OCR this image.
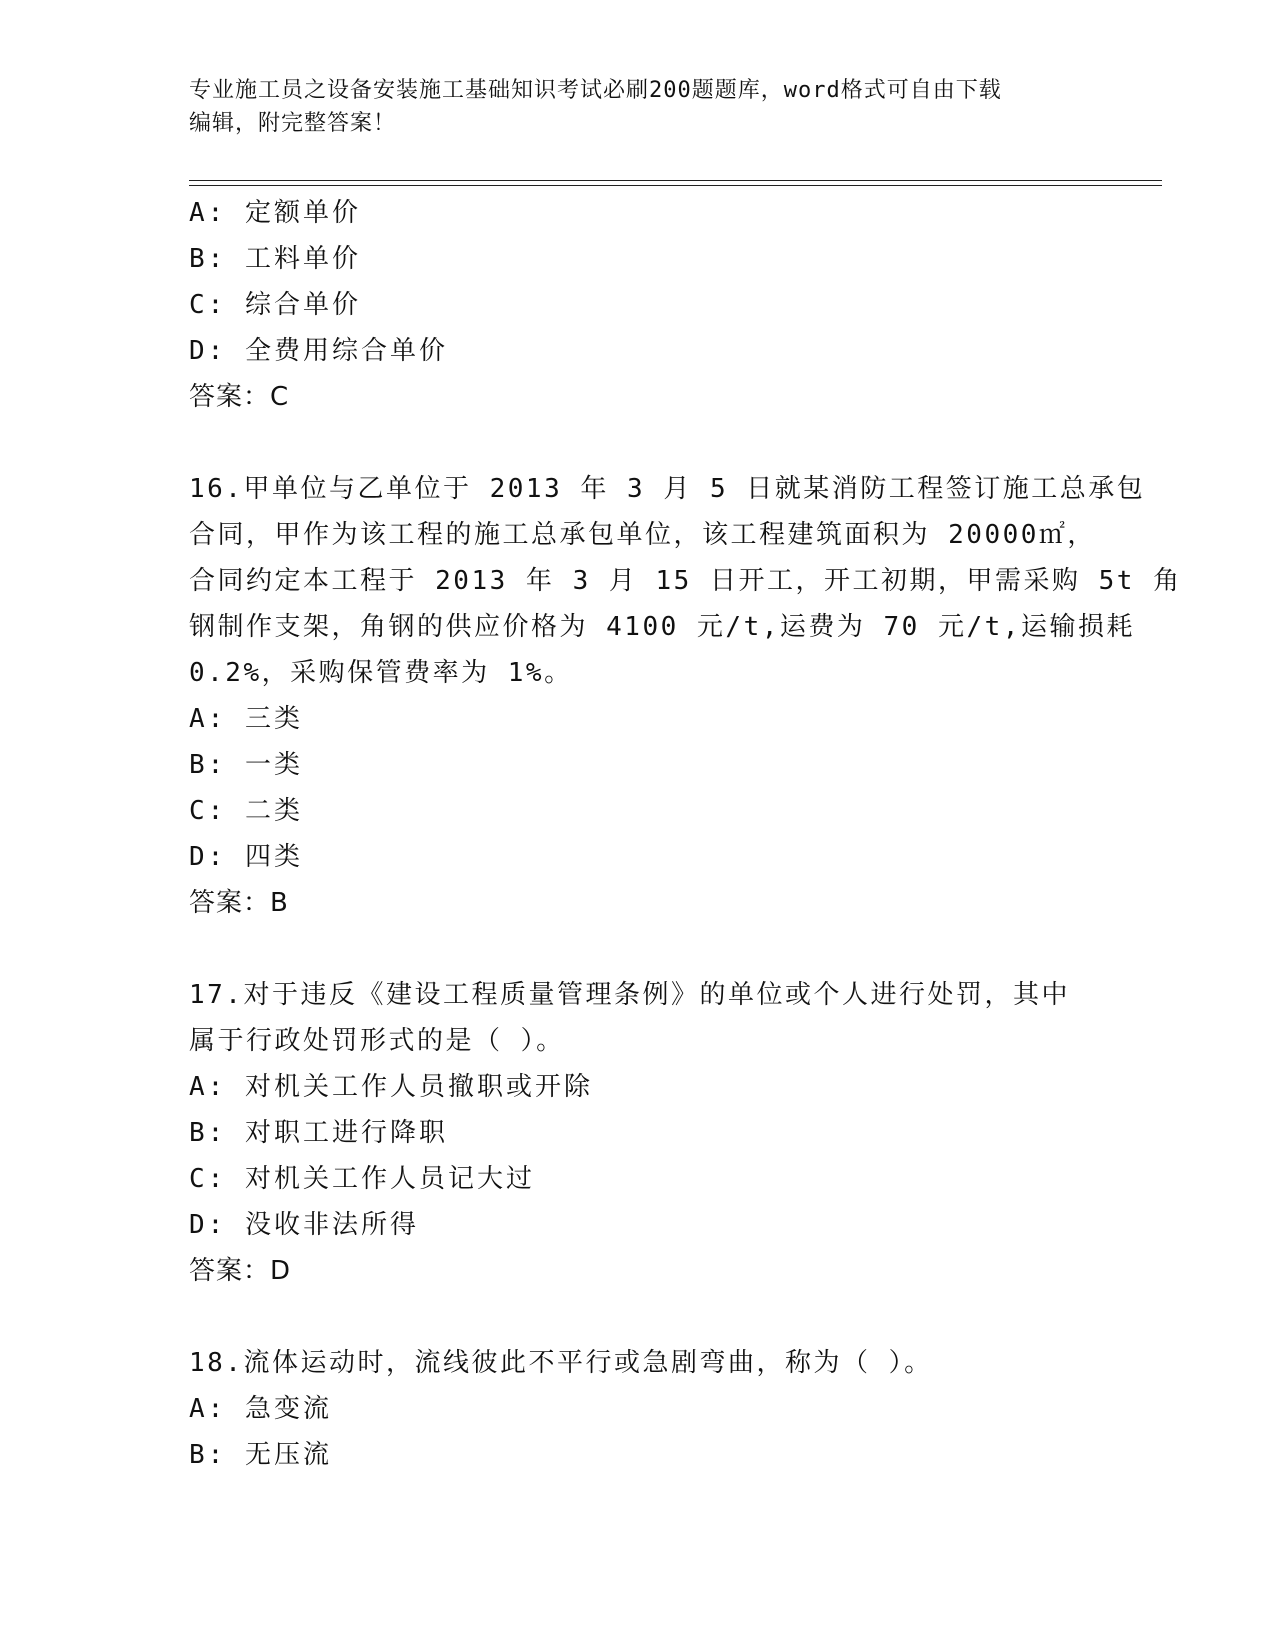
专业施工员之设备安装施工基础知识考试必刷200题题库，word格式可自由下载
编辑，附完整答案！
A: 定额单价
B: 工料单价
C: 综合单价
D: 全费用综合单价
答案：C
16.甲单位与乙单位于 2013 年 3 月 5 日就某消防工程签订施工总承包
合同，甲作为该工程的施工总承包单位，该工程建筑面积为 20000㎡，
合同约定本工程于 2013 年 3 月 15 日开工，开工初期，甲需采购 5t 角
钢制作支架，角钢的供应价格为 4100 元/t,运费为 70 元/t,运输损耗
0.2%，采购保管费率为 1%。
A: 三类
B: 一类
C: 二类
D: 四类
答案：B
17.对于违反《建设工程质量管理条例》的单位或个人进行处罚，其中
属于行政处罚形式的是（ ）。
A: 对机关工作人员撤职或开除
B: 对职工进行降职
C: 对机关工作人员记大过
D: 没收非法所得
答案：D
18.流体运动时，流线彼此不平行或急剧弯曲，称为（ ）。
A: 急变流
B: 无压流
